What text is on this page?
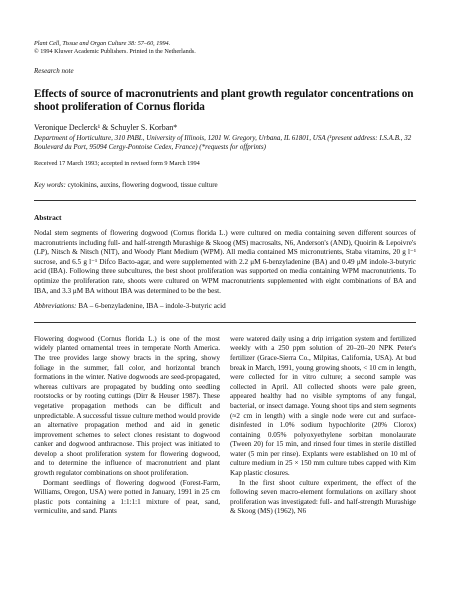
Plant Cell, Tissue and Organ Culture 38: 57–60, 1994.
© 1994 Kluwer Academic Publishers. Printed in the Netherlands.
Research note
Effects of source of macronutrients and plant growth regulator concentrations on shoot proliferation of Cornus florida
Veronique Declerck¹ & Schuyler S. Korban*
Department of Horticulture, 310 PABL, University of Illinois, 1201 W. Gregory, Urbana, IL 61801, USA (¹present address: I.S.A.B., 32 Boulevard du Port, 95094 Cergy-Pontoise Cedex, France) (*requests for offprints)
Received 17 March 1993; accepted in revised form 9 March 1994
Key words: cytokinins, auxins, flowering dogwood, tissue culture
Abstract
Nodal stem segments of flowering dogwood (Cornus florida L.) were cultured on media containing seven different sources of macronutrients including full- and half-strength Murashige & Skoog (MS) macrosalts, N6, Anderson's (AND), Quoirin & Lepoivre's (LP), Nitsch & Nitsch (NIT), and Woody Plant Medium (WPM). All media contained MS micronutrients, Staba vitamins, 20 g l⁻¹ sucrose, and 6.5 g l⁻¹ Difco Bacto-agar, and were supplemented with 2.2 μM 6-benzyladenine (BA) and 0.49 μM indole-3-butyric acid (IBA). Following three subcultures, the best shoot proliferation was supported on media containing WPM macronutrients. To optimize the proliferation rate, shoots were cultured on WPM macronutrients supplemented with eight combinations of BA and IBA, and 3.3 μM BA without IBA was determined to be the best.
Abbreviations: BA – 6-benzyladenine, IBA – indole-3-butyric acid

Flowering dogwood (Cornus florida L.) is one of the most widely planted ornamental trees in temperate North America. The tree provides large showy bracts in the spring, showy foliage in the summer, fall color, and horizontal branch formations in the winter. Native dogwoods are seed-propagated, whereas cultivars are propagated by budding onto seedling rootstocks or by rooting cuttings (Dirr & Heuser 1987). These vegetative propagation methods can be difficult and unpredictable. A successful tissue culture method would provide an alternative propagation method and aid in genetic improvement schemes to select clones resistant to dogwood canker and dogwood anthracnose. This project was initiated to develop a shoot proliferation system for flowering dogwood, and to determine the influence of macronutrient and plant growth regulator combinations on shoot proliferation.

Dormant seedlings of flowering dogwood (Forest-Farm, Williams, Oregon, USA) were potted in January, 1991 in 25 cm plastic pots containing a 1:1:1:1 mixture of peat, sand, vermiculite, and sand. Plants

were watered daily using a drip irrigation system and fertilized weekly with a 250 ppm solution of 20–20–20 NPK Peter's fertilizer (Grace-Sierra Co., Milpitas, California, USA). At bud break in March, 1991, young growing shoots, < 10 cm in length, were collected for in vitro culture; a second sample was collected in April. All collected shoots were pale green, appeared healthy had no visible symptoms of any fungal, bacterial, or insect damage. Young shoot tips and stem segments (≈2 cm in length) with a single node were cut and surface-disinfested in 1.0% sodium hypochlorite (20% Clorox) containing 0.05% polyoxyethylene sorbitan monolaurate (Tween 20) for 15 min, and rinsed four times in sterile distilled water (5 min per rinse). Explants were established on 10 ml of culture medium in 25 × 150 mm culture tubes capped with Kim Kap plastic closures.

In the first shoot culture experiment, the effect of the following seven macro-element formulations on axillary shoot proliferation was investigated: full- and half-strength Murashige & Skoog (MS) (1962), N6
